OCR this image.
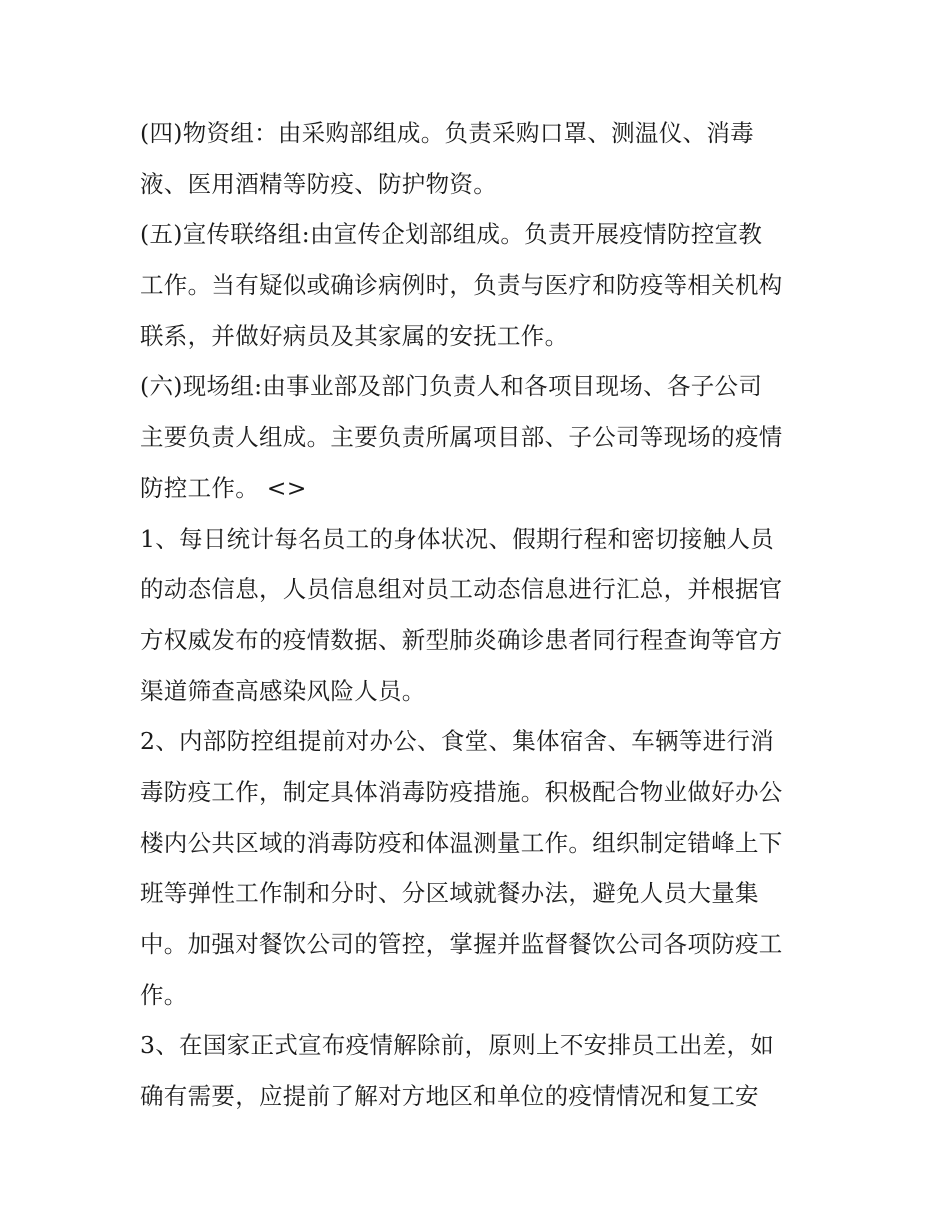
(四)物资组：由采购部组成。负责采购口罩、测温仪、消毒
液、医用酒精等防疫、防护物资。
(五)宣传联络组:由宣传企划部组成。负责开展疫情防控宣教
工作。当有疑似或确诊病例时，负责与医疗和防疫等相关机构
联系，并做好病员及其家属的安抚工作。
(六)现场组:由事业部及部门负责人和各项目现场、各子公司
主要负责人组成。主要负责所属项目部、子公司等现场的疫情
防控工作。 <>
1、每日统计每名员工的身体状况、假期行程和密切接触人员
的动态信息，人员信息组对员工动态信息进行汇总，并根据官
方权威发布的疫情数据、新型肺炎确诊患者同行程查询等官方
渠道筛查高感染风险人员。
2、内部防控组提前对办公、食堂、集体宿舍、车辆等进行消
毒防疫工作，制定具体消毒防疫措施。积极配合物业做好办公
楼内公共区域的消毒防疫和体温测量工作。组织制定错峰上下
班等弹性工作制和分时、分区域就餐办法，避免人员大量集
中。加强对餐饮公司的管控，掌握并监督餐饮公司各项防疫工
作。
3、在国家正式宣布疫情解除前，原则上不安排员工出差，如
确有需要，应提前了解对方地区和单位的疫情情况和复工安
